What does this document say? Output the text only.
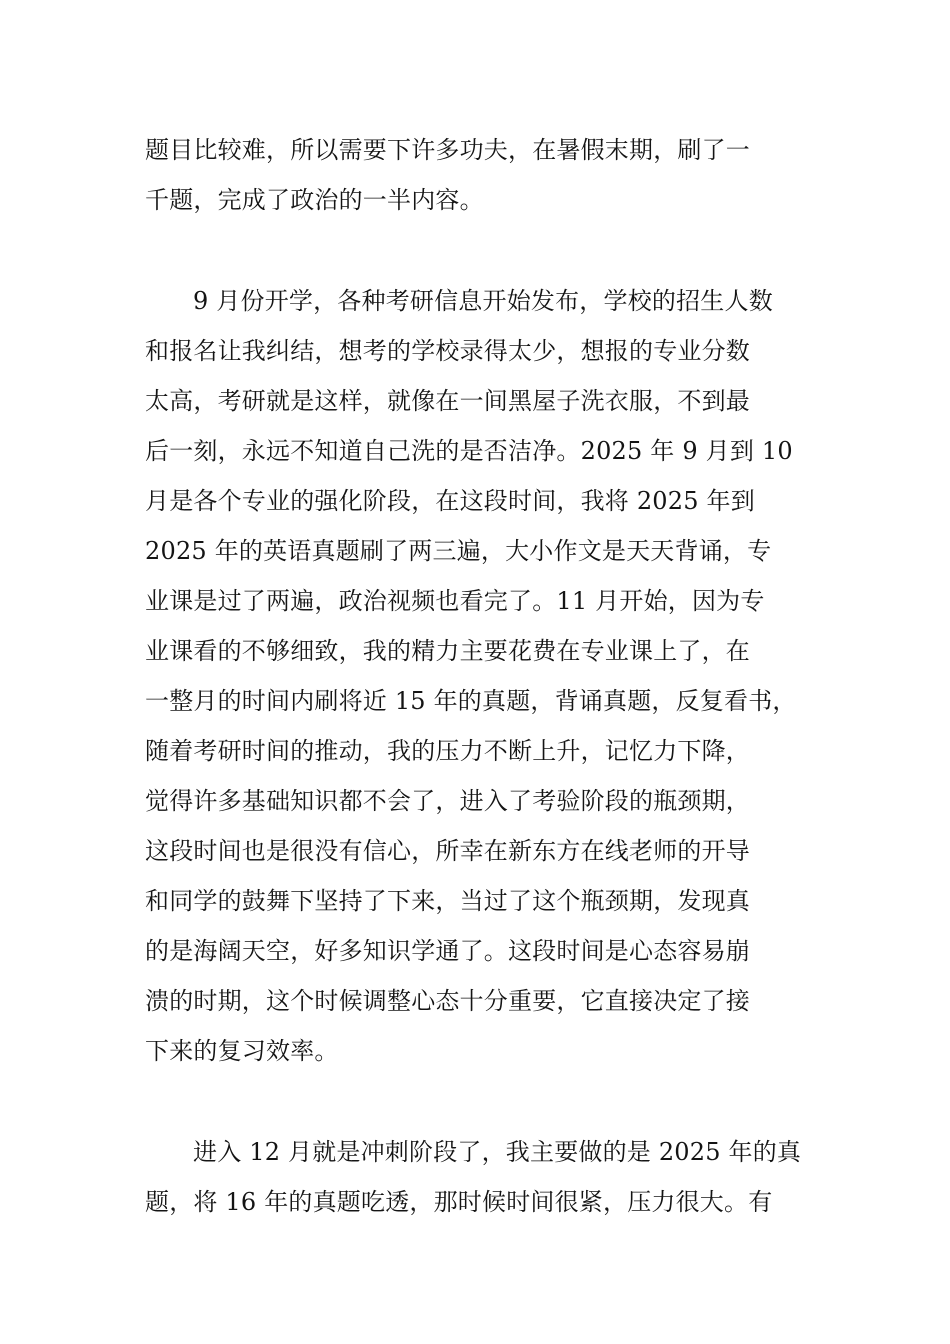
题目比较难，所以需要下许多功夫，在暑假末期，刷了一
千题，完成了政治的一半内容。
9 月份开学，各种考研信息开始发布，学校的招生人数
和报名让我纠结，想考的学校录得太少，想报的专业分数
太高，考研就是这样，就像在一间黑屋子洗衣服，不到最
后一刻，永远不知道自己洗的是否洁净。2025 年 9 月到 10
月是各个专业的强化阶段，在这段时间，我将 2025 年到
2025 年的英语真题刷了两三遍，大小作文是天天背诵，专
业课是过了两遍，政治视频也看完了。11 月开始，因为专
业课看的不够细致，我的精力主要花费在专业课上了，在
一整月的时间内刷将近 15 年的真题，背诵真题，反复看书，
随着考研时间的推动，我的压力不断上升，记忆力下降，
觉得许多基础知识都不会了，进入了考验阶段的瓶颈期，
这段时间也是很没有信心，所幸在新东方在线老师的开导
和同学的鼓舞下坚持了下来，当过了这个瓶颈期，发现真
的是海阔天空，好多知识学通了。这段时间是心态容易崩
溃的时期，这个时候调整心态十分重要，它直接决定了接
下来的复习效率。
进入 12 月就是冲刺阶段了，我主要做的是 2025 年的真
题，将 16 年的真题吃透，那时候时间很紧，压力很大。有
